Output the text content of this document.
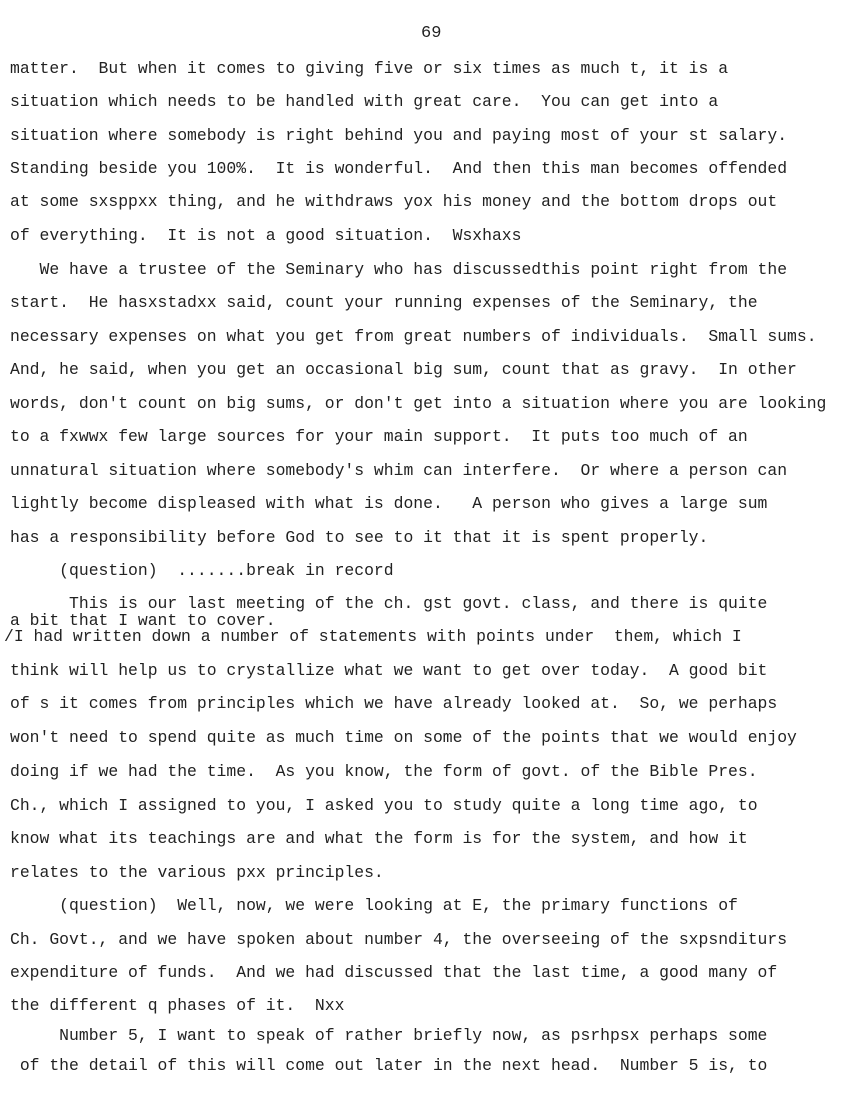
69
matter.  But when it comes to giving five or six times as much t, it is a
situation which needs to be handled with great care.  You can get into a
situation where somebody is right behind you and paying most of your st salary.
Standing beside you 100%.  It is wonderful.  And then this man becomes offended
at some sxsppxx thing, and he withdraws yox his money and the bottom drops out
of everything.  It is not a good situation.  Wsxhaxs
We have a trustee of the Seminary who has discussedthis point right from the
start.  He hasxstadxx said, count your running expenses of the Seminary, the
necessary expenses on what you get from great numbers of individuals.  Small sums.
And, he said, when you get an occasional big sum, count that as gravy.  In other
words, don't count on big sums, or don't get into a situation where you are looking
to a fxwwx few large sources for your main support.  It puts too much of an
unnatural situation where somebody's whim can interfere.  Or where a person can
lightly become displeased with what is done.   A person who gives a large sum
has a responsibility before God to see to it that it is spent properly.
(question)  .......break in record
This is our last meeting of the ch. gst govt. class, and there is quite
a bit that I want to cover.
/I had written down a number of statements with points under  them, which I
think will help us to crystallize what we want to get over today.  A good bit
of s it comes from principles which we have already looked at.  So, we perhaps
won't need to spend quite as much time on some of the points that we would enjoy
doing if we had the time.  As you know, the form of govt. of the Bible Pres.
Ch., which I assigned to you, I asked you to study quite a long time ago, to
know what its teachings are and what the form is for the system, and how it
relates to the various pxx principles.
(question)  Well, now, we were looking at E, the primary functions of
Ch. Govt., and we have spoken about number 4, the overseeing of the sxpsnditurs
expenditure of funds.  And we had discussed that the last time, a good many of
the different q phases of it.  Nxx
Number 5, I want to speak of rather briefly now, as psrhpsx perhaps some
of the detail of this will come out later in the next head.  Number 5 is, to
